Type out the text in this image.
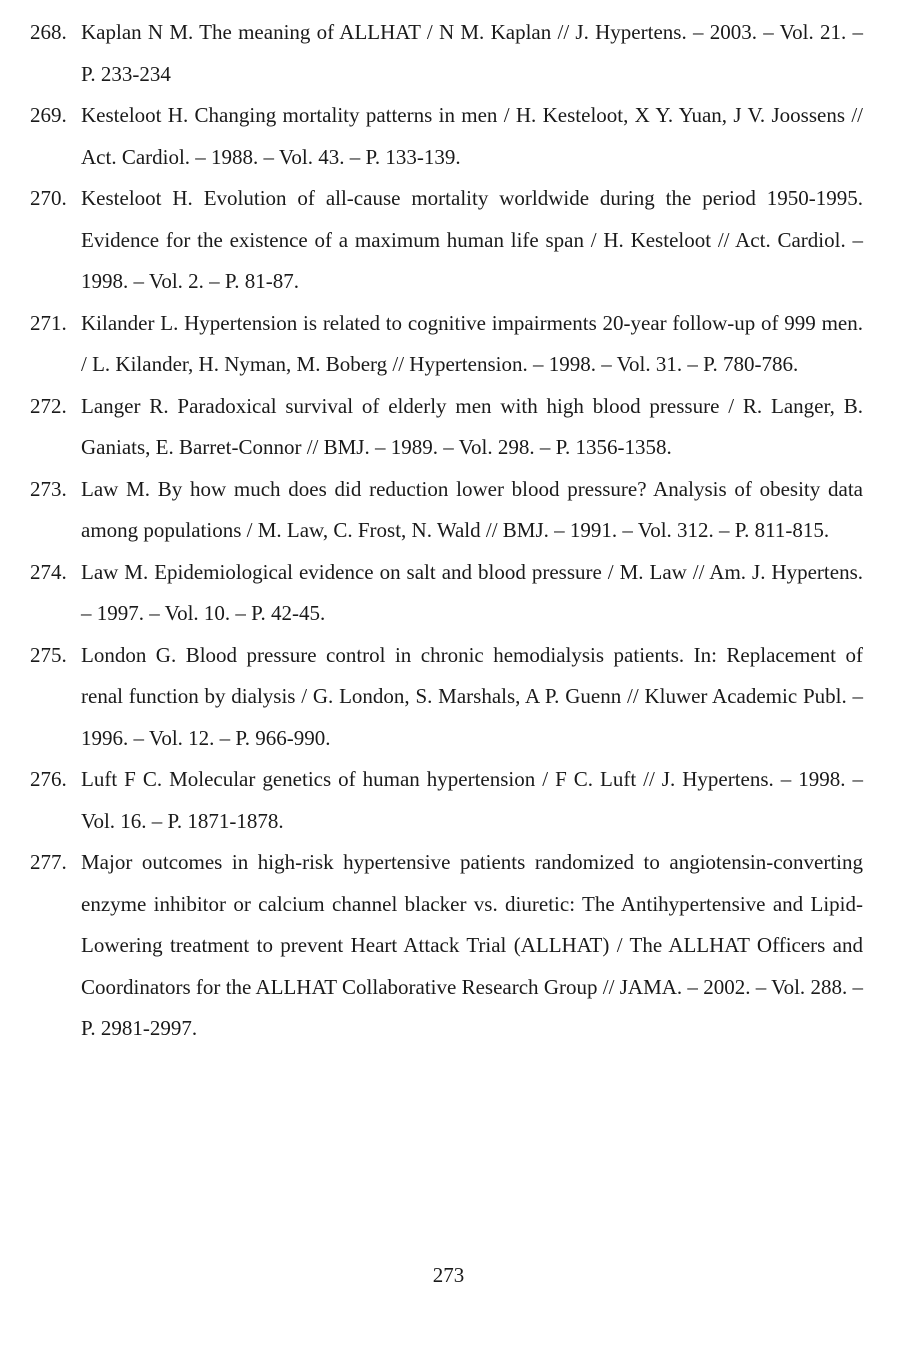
268. Kaplan N M. The meaning of ALLHAT / N M. Kaplan // J. Hypertens. – 2003. – Vol. 21. – P. 233-234
269. Kesteloot H. Changing mortality patterns in men / H. Kesteloot, X Y. Yuan, J V. Joossens // Act. Cardiol. – 1988. – Vol. 43. – P. 133-139.
270. Kesteloot H. Evolution of all-cause mortality worldwide during the period 1950-1995. Evidence for the existence of a maximum human life span / H. Kesteloot // Act. Cardiol. – 1998. – Vol. 2. – P. 81-87.
271. Kilander L. Hypertension is related to cognitive impairments 20-year follow-up of 999 men. / L. Kilander, H. Nyman, M. Boberg // Hypertension. – 1998. – Vol. 31. – P. 780-786.
272. Langer R. Paradoxical survival of elderly men with high blood pressure / R. Langer, B. Ganiats, E. Barret-Connor // BMJ. – 1989. – Vol. 298. – P. 1356-1358.
273. Law M. By how much does did reduction lower blood pressure? Analysis of obesity data among populations / M. Law, C. Frost, N. Wald // BMJ. – 1991. – Vol. 312. – P. 811-815.
274. Law M. Epidemiological evidence on salt and blood pressure / M. Law // Am. J. Hypertens. – 1997. – Vol. 10. – P. 42-45.
275. London G. Blood pressure control in chronic hemodialysis patients. In: Replacement of renal function by dialysis / G. London, S. Marshals, A P. Guenn // Kluwer Academic Publ. – 1996. – Vol. 12. – P. 966-990.
276. Luft F C. Molecular genetics of human hypertension / F C. Luft // J. Hypertens. – 1998. – Vol. 16. – P. 1871-1878.
277. Major outcomes in high-risk hypertensive patients randomized to angiotensin-converting enzyme inhibitor or calcium channel blacker vs. diuretic: The Antihypertensive and Lipid-Lowering treatment to prevent Heart Attack Trial (ALLHAT) / The ALLHAT Officers and Coordinators for the ALLHAT Collaborative Research Group // JAMA. – 2002. – Vol. 288. – P. 2981-2997.
273
